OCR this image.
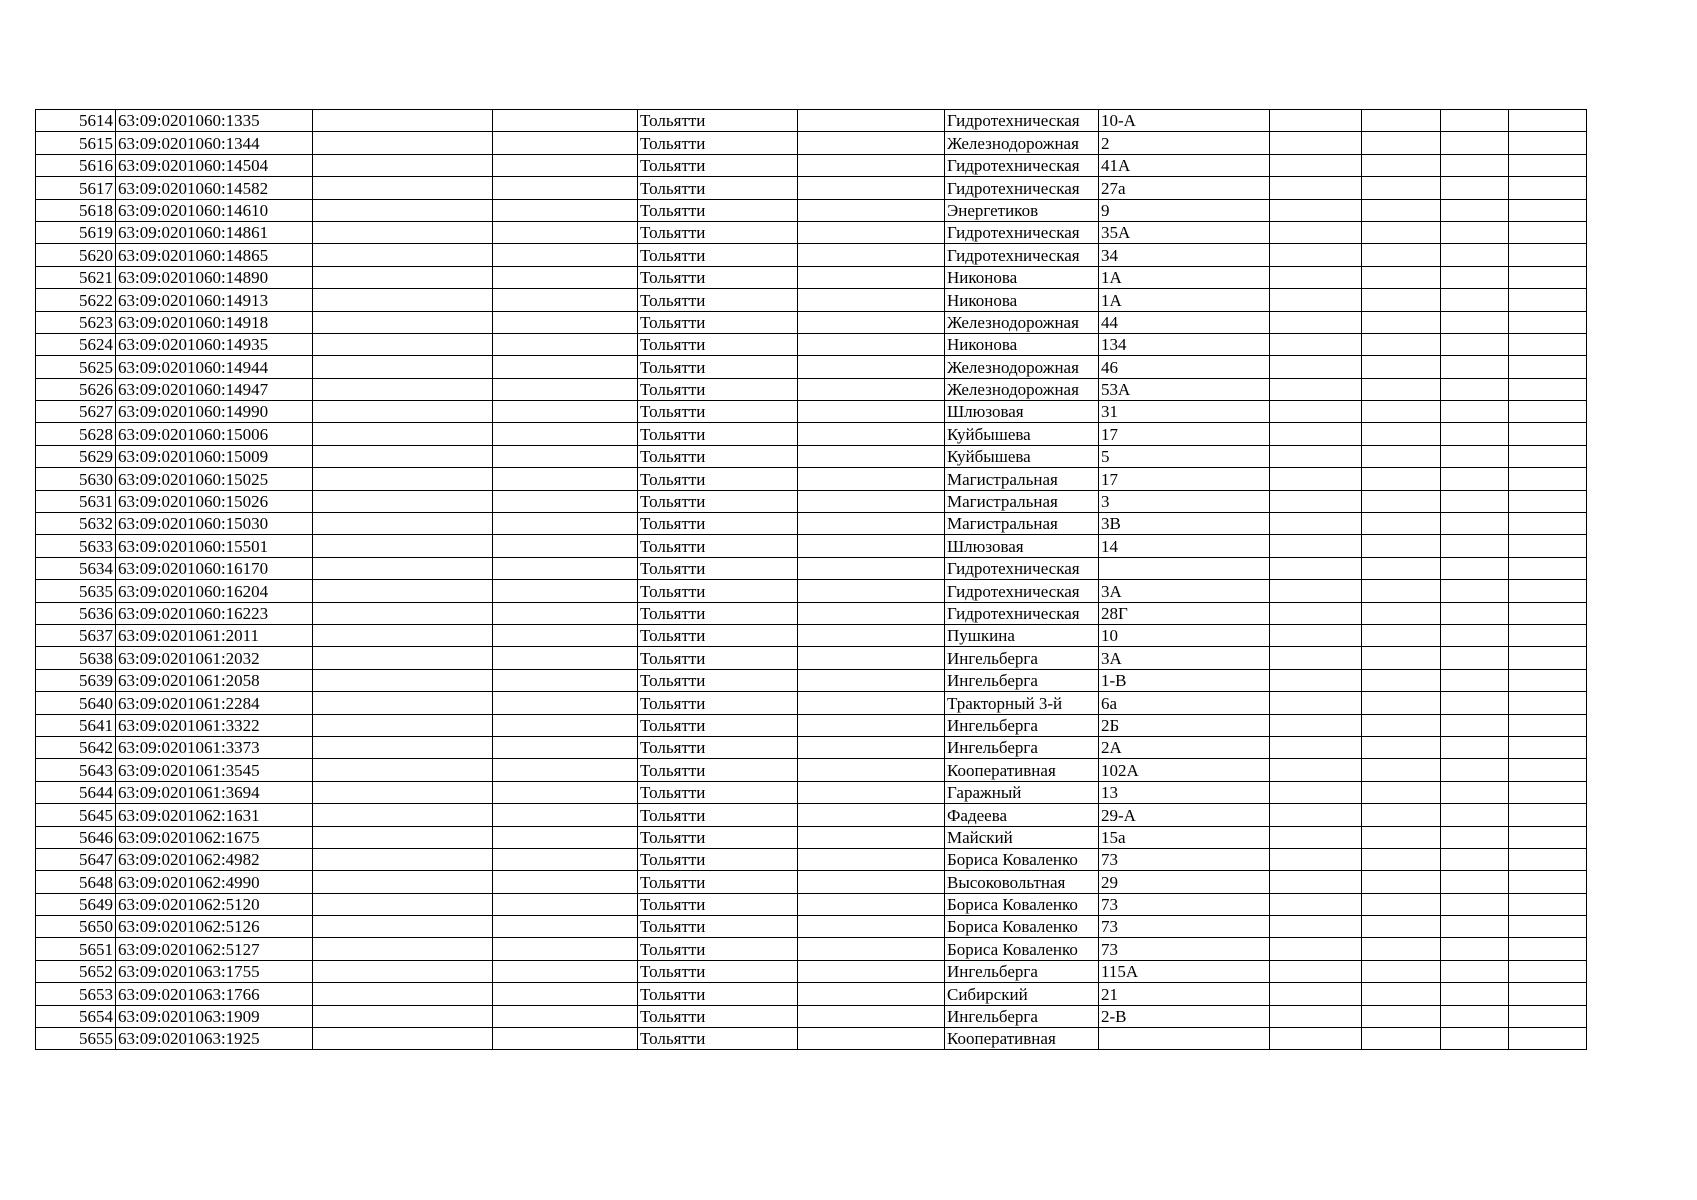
5614	63:09:0201060:1335			Тольятти		Гидротехническая	10-А				
5615	63:09:0201060:1344			Тольятти		Железнодорожная	2				
5616	63:09:0201060:14504			Тольятти		Гидротехническая	41А				
5617	63:09:0201060:14582			Тольятти		Гидротехническая	27а				
5618	63:09:0201060:14610			Тольятти		Энергетиков	9				
5619	63:09:0201060:14861			Тольятти		Гидротехническая	35А				
5620	63:09:0201060:14865			Тольятти		Гидротехническая	34				
5621	63:09:0201060:14890			Тольятти		Никонова	1А				
5622	63:09:0201060:14913			Тольятти		Никонова	1А				
5623	63:09:0201060:14918			Тольятти		Железнодорожная	44				
5624	63:09:0201060:14935			Тольятти		Никонова	134				
5625	63:09:0201060:14944			Тольятти		Железнодорожная	46				
5626	63:09:0201060:14947			Тольятти		Железнодорожная	53А				
5627	63:09:0201060:14990			Тольятти		Шлюзовая	31				
5628	63:09:0201060:15006			Тольятти		Куйбышева	17				
5629	63:09:0201060:15009			Тольятти		Куйбышева	5				
5630	63:09:0201060:15025			Тольятти		Магистральная	17				
5631	63:09:0201060:15026			Тольятти		Магистральная	3				
5632	63:09:0201060:15030			Тольятти		Магистральная	3В				
5633	63:09:0201060:15501			Тольятти		Шлюзовая	14				
5634	63:09:0201060:16170			Тольятти		Гидротехническая					
5635	63:09:0201060:16204			Тольятти		Гидротехническая	3А				
5636	63:09:0201060:16223			Тольятти		Гидротехническая	28Г				
5637	63:09:0201061:2011			Тольятти		Пушкина	10				
5638	63:09:0201061:2032			Тольятти		Ингельберга	3А				
5639	63:09:0201061:2058			Тольятти		Ингельберга	1-В				
5640	63:09:0201061:2284			Тольятти		Тракторный 3-й	6а				
5641	63:09:0201061:3322			Тольятти		Ингельберга	2Б				
5642	63:09:0201061:3373			Тольятти		Ингельберга	2А				
5643	63:09:0201061:3545			Тольятти		Кооперативная	102А				
5644	63:09:0201061:3694			Тольятти		Гаражный	13				
5645	63:09:0201062:1631			Тольятти		Фадеева	29-А				
5646	63:09:0201062:1675			Тольятти		Майский	15а				
5647	63:09:0201062:4982			Тольятти		Бориса Коваленко	73				
5648	63:09:0201062:4990			Тольятти		Высоковольтная	29				
5649	63:09:0201062:5120			Тольятти		Бориса Коваленко	73				
5650	63:09:0201062:5126			Тольятти		Бориса Коваленко	73				
5651	63:09:0201062:5127			Тольятти		Бориса Коваленко	73				
5652	63:09:0201063:1755			Тольятти		Ингельберга	115А				
5653	63:09:0201063:1766			Тольятти		Сибирский	21				
5654	63:09:0201063:1909			Тольятти		Ингельберга	2-В				
5655	63:09:0201063:1925			Тольятти		Кооперативная					
